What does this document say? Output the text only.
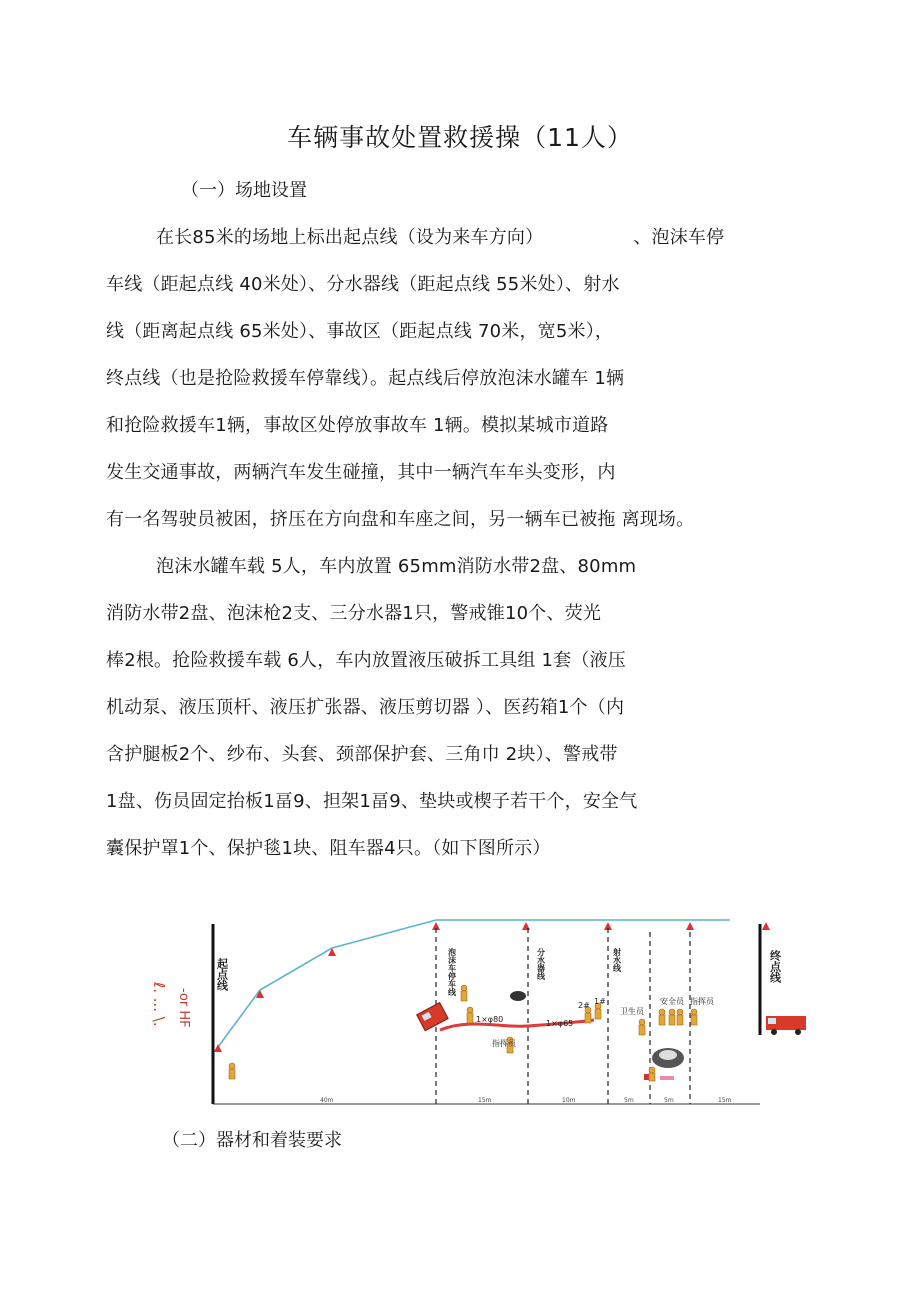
车辆事故处置救援操（11人）
（一）场地设置
在长85米的场地上标出起点线（设为来车方向）	、泡沫车停
车线（距起点线 40米处）、分水器线（距起点线 55米处）、射水
线（距离起点线 65米处）、事故区（距起点线 70米，宽5米），
终点线（也是抢险救援车停靠线）。起点线后停放泡沫水罐车 1辆
和抢险救援车1辆，事故区处停放事故车 1辆。模拟某城市道路
发生交通事故，两辆汽车发生碰撞，其中一辆汽车车头变形，内
有一名驾驶员被困，挤压在方向盘和车座之间，另一辆车已被拖 离现场。
泡沫水罐车载 5人，车内放置 65mm消防水带2盘、80mm
消防水带2盘、泡沫枪2支、三分水器1只，警戒锥10个、荧光
棒2根。抢险救援车载 6人，车内放置液压破拆工具组 1套（液压
机动泵、液压顶杆、液压扩张器、液压剪切器 ）、医药箱1个（内
含护腿板2个、纱布、头套、颈部保护套、三角巾 2块）、警戒带
1盘、伤员固定抬板1畐9、担架1畐9、垫块或楔子若干个，安全气
囊保护罩1个、保护毯1块、阻车器4只。（如下图所示）
-or HF
ℓ. ... \.
起点线	泡沫车停车线	分水器线	射水线	终点线
1×φ80	1×φ65
指挥员
指挥员
卫生员
安全员
2# 1#
40m	15m	10m	5m	5m	15m
（二）器材和着装要求
